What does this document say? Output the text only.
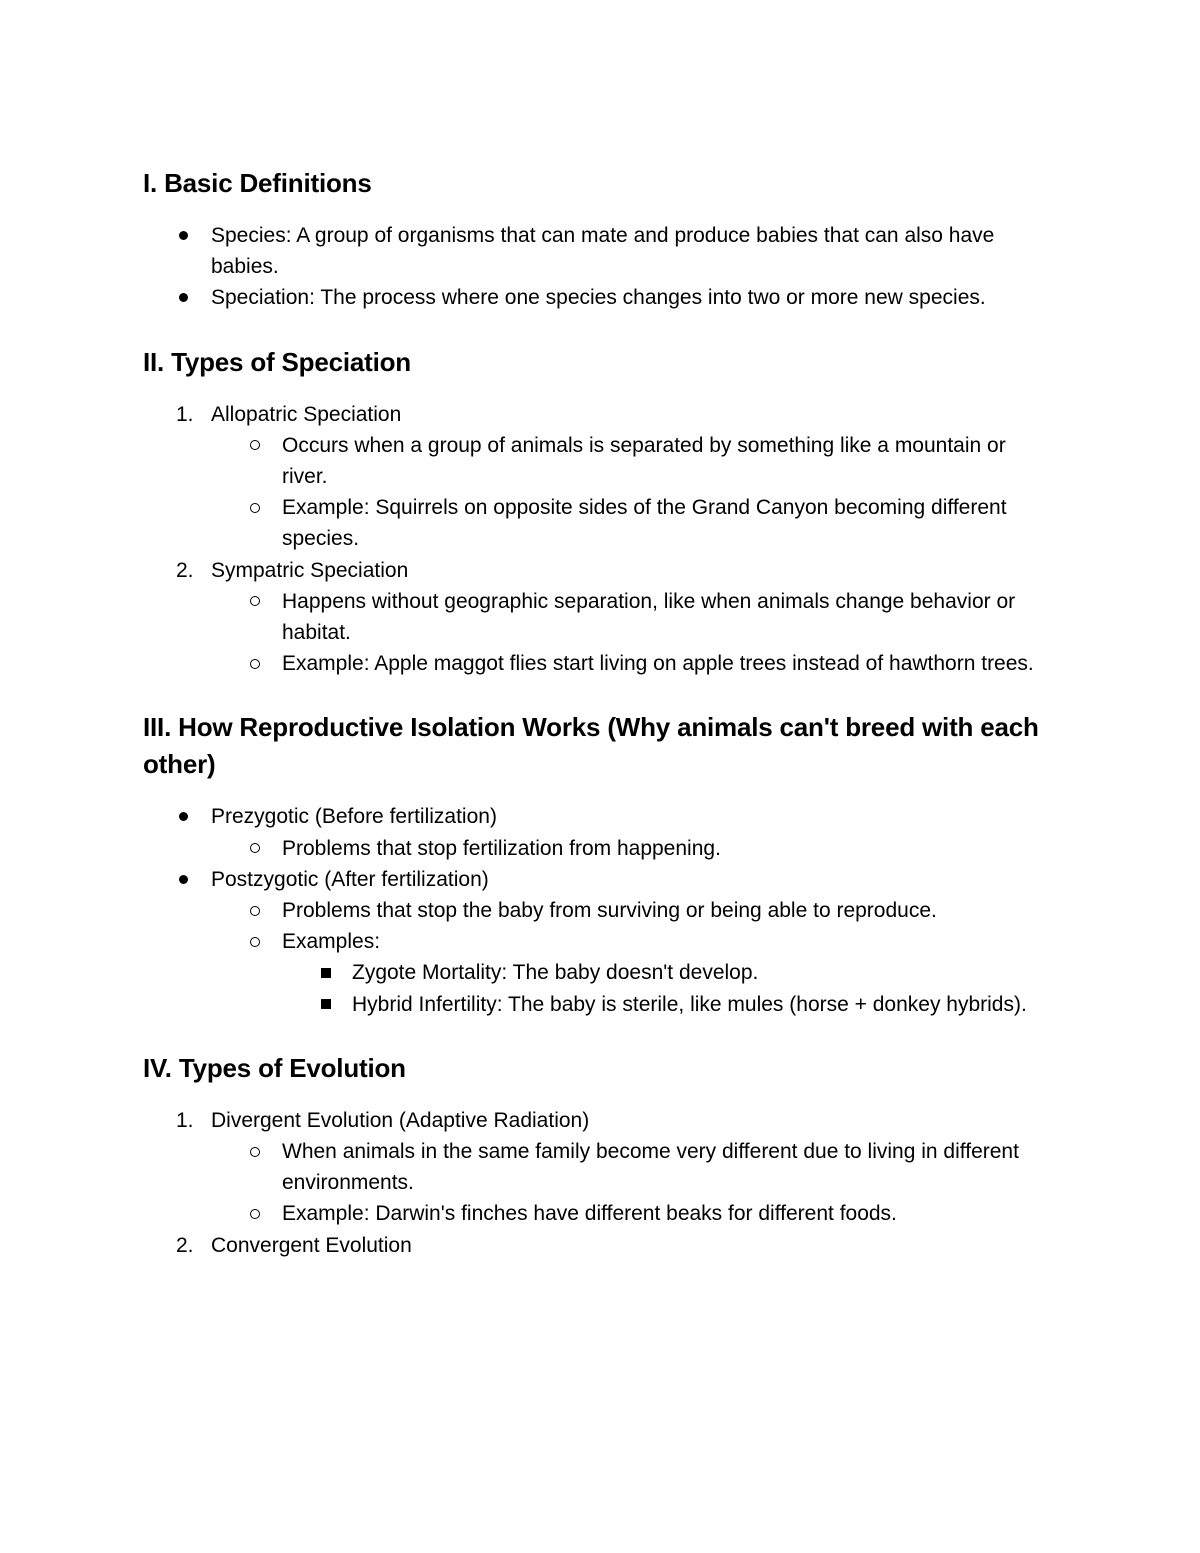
I. Basic Definitions
Species: A group of organisms that can mate and produce babies that can also have babies.
Speciation: The process where one species changes into two or more new species.
II. Types of Speciation
1. Allopatric Speciation
Occurs when a group of animals is separated by something like a mountain or river.
Example: Squirrels on opposite sides of the Grand Canyon becoming different species.
2. Sympatric Speciation
Happens without geographic separation, like when animals change behavior or habitat.
Example: Apple maggot flies start living on apple trees instead of hawthorn trees.
III. How Reproductive Isolation Works (Why animals can't breed with each other)
Prezygotic (Before fertilization)
Problems that stop fertilization from happening.
Postzygotic (After fertilization)
Problems that stop the baby from surviving or being able to reproduce.
Examples:
Zygote Mortality: The baby doesn't develop.
Hybrid Infertility: The baby is sterile, like mules (horse + donkey hybrids).
IV. Types of Evolution
1. Divergent Evolution (Adaptive Radiation)
When animals in the same family become very different due to living in different environments.
Example: Darwin's finches have different beaks for different foods.
2. Convergent Evolution
